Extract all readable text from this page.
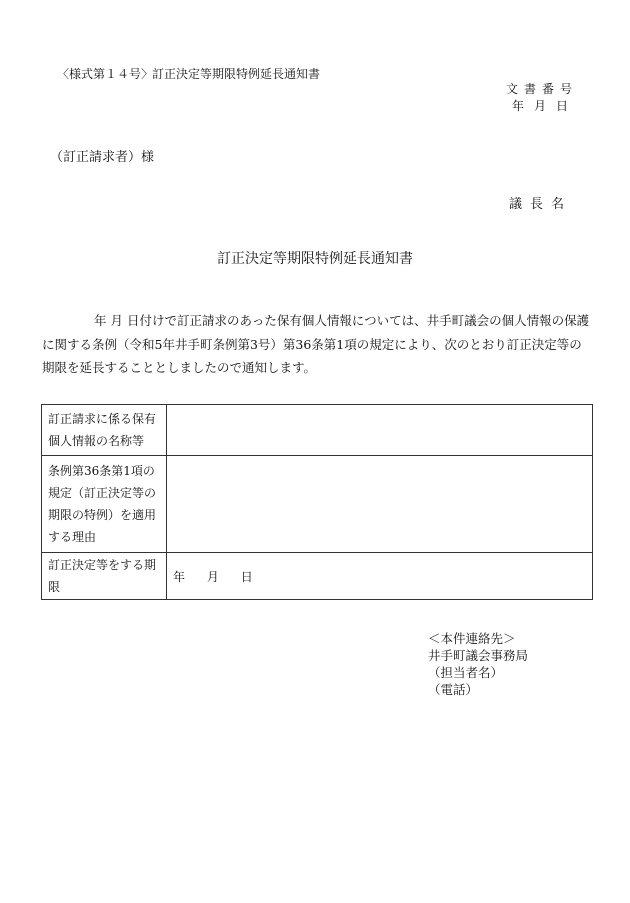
〈様式第１４号〉
訂正決定等期限特例延長通知書
文書番号
年月日
（訂正請求者）様
議長名
訂正決定等期限特例延長通知書
年 月 日付けで訂正請求のあった保有個人情報については、井手町議会の個人情報の保護に関する条例（令和5年井手町条例第3号）第36条第1項の規定により、次のとおり訂正決定等の期限を延長することとしましたので通知します。
訂正請求に係る保有個人情報の名称等	
条例第36条第1項の規定（訂正決定等の期限の特例）を適用する理由	
訂正決定等をする期限	年 月 日
＜本件連絡先＞
井手町議会事務局
（担当者名）
（電話）
